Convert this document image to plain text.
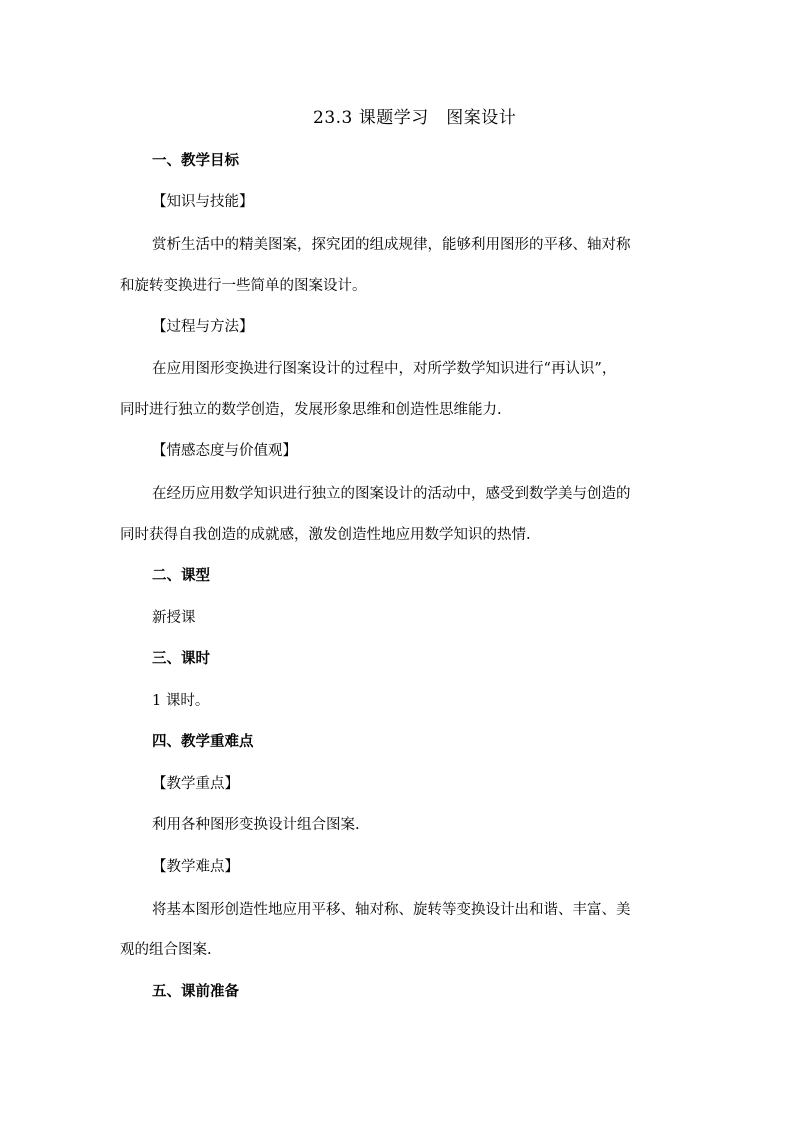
23.3 课题学习　图案设计
一、教学目标
【知识与技能】
赏析生活中的精美图案，探究团的组成规律，能够利用图形的平移、轴对称
和旋转变换进行一些简单的图案设计。
【过程与方法】
在应用图形变换进行图案设计的过程中，对所学数学知识进行“再认识”，
同时进行独立的数学创造，发展形象思维和创造性思维能力.
【情感态度与价值观】
在经历应用数学知识进行独立的图案设计的活动中，感受到数学美与创造的
同时获得自我创造的成就感，激发创造性地应用数学知识的热情.
二、课型
新授课
三、课时
1 课时。
四、教学重难点
【教学重点】
利用各种图形变换设计组合图案.
【教学难点】
将基本图形创造性地应用平移、轴对称、旋转等变换设计出和谐、丰富、美
观的组合图案.
五、课前准备
